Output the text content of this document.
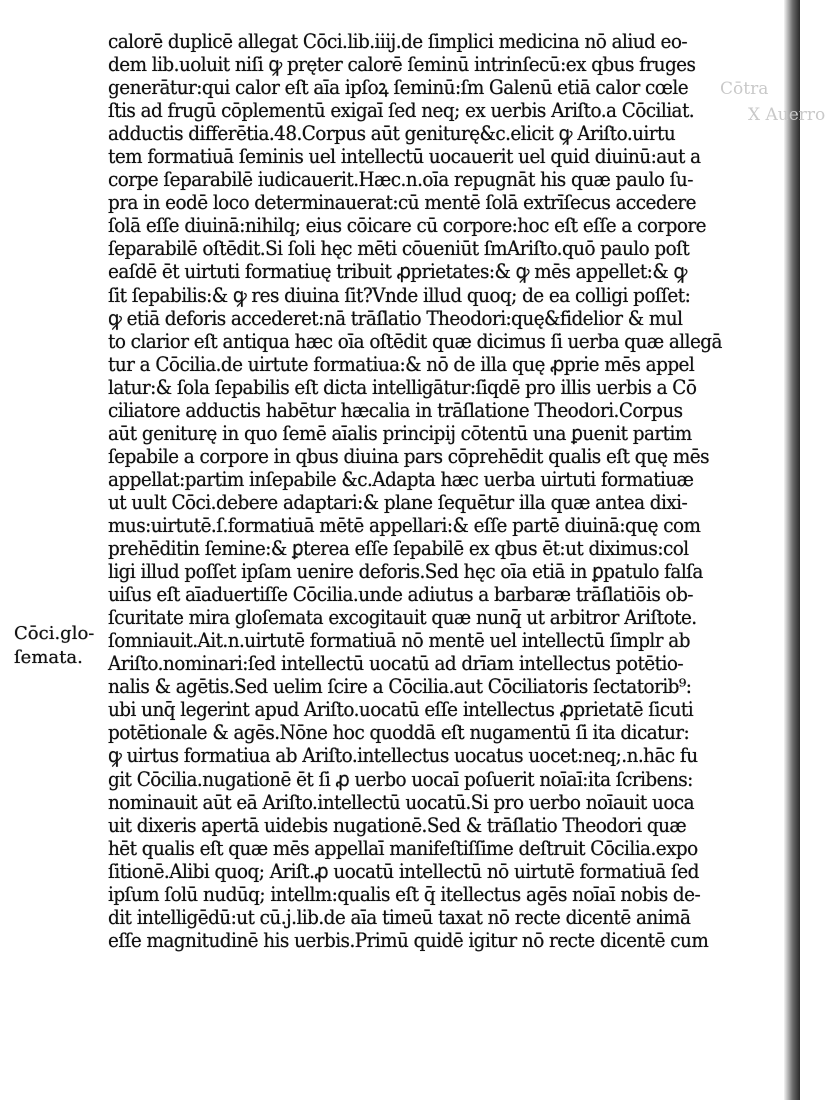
Cōtra
X Auerro
Cōci.glo-
ſemata.
calorē duplicē allegat Cōci.lib.iiij.de ſimplici medicina nō aliud eo-
dem lib.uoluit niſi ꝙ pręter calorē ſeminū intrinſecū:ex qbus fruges
generātur:qui calor eſt aīa ipſoꝝ ſeminū:ſm Galenū etiā calor cœle
ſtis ad frugū cōplementū exigaī ſed neq; ex uerbis Ariſto.a Cōciliat.
adductis differētia.48.Corpus aūt geniturę&c.elicit ꝙ Ariſto.uirtu
tem formatiuā ſeminis uel intellectū uocauerit uel quid diuinū:aut a
corpe ſeparabilē iudicauerit.Hæc.n.oīa repugnāt his quæ paulo ſu-
pra in eodē loco determinauerat:cū mentē ſolā extrīſecus accedere
ſolā eſſe diuinā:nihilq; eius cōicare cū corpore:hoc eſt eſſe a corpore
ſeparabilē oſtēdit.Si ſoli hęc mēti cōueniūt ſmAriſto.quō paulo poſt
eaſdē ēt uirtuti formatiuę tribuit ꝓprietates:& ꝙ mēs appellet:& ꝙ
ſit ſepabilis:& ꝙ res diuina ſit?Vnde illud quoq; de ea colligi poſſet:
ꝙ etiā deforis accederet:nā trāſlatio Theodori:quę&fidelior & mul
to clarior eſt antiqua hæc oīa oſtēdit quæ dicimus ſi uerba quæ allegā
tur a Cōcilia.de uirtute formatiua:& nō de illa quę ꝓprie mēs appel
latur:& ſola ſepabilis eſt dicta intelligātur:ſiqdē pro illis uerbis a Cō
ciliatore adductis habētur hæcalia in trāſlatione Theodori.Corpus
aūt geniturę in quo ſemē aīalis principij cōtentū una ꝑuenit partim
ſepabile a corpore in qbus diuina pars cōprehēdit qualis eſt quę mēs
appellat:partim inſepabile &c.Adapta hæc uerba uirtuti formatiuæ
ut uult Cōci.debere adaptari:& plane ſequētur illa quæ antea dixi-
mus:uirtutē.ſ.formatiuā mētē appellari:& eſſe partē diuinā:quę com
prehēditin ſemine:& ꝑterea eſſe ſepabilē ex qbus ēt:ut diximus:col
ligi illud poſſet ipſam uenire deforis.Sed hęc oīa etiā in ꝑpatulo falſa
uiſus eſt aīaduertiſſe Cōcilia.unde adiutus a barbaræ trāſlatiōis ob-
ſcuritate mira gloſemata excogitauit quæ nunq̄ ut arbitror Ariſtote.
ſomniauit.Ait.n.uirtutē formatiuā nō mentē uel intellectū ſimplr ab
Ariſto.nominari:ſed intellectū uocatū ad drīam intellectus potētio-
nalis & agētis.Sed uelim ſcire a Cōcilia.aut Cōciliatoris ſectatorib⁹:
ubi unq̄ legerint apud Ariſto.uocatū eſſe intellectus ꝓprietatē ſicuti
potētionale & agēs.Nōne hoc quoddā eſt nugamentū ſi ita dicatur:
ꝙ uirtus formatiua ab Ariſto.intellectus uocatus uocet:neq;.n.hāc fu
git Cōcilia.nugationē ēt ſi ꝓ uerbo uocaī poſuerit noīaī:ita ſcribens:
nominauit aūt eā Ariſto.intellectū uocatū.Si pro uerbo noīauit uoca
uit dixeris apertā uidebis nugationē.Sed & trāſlatio Theodori quæ
hēt qualis eſt quæ mēs appellaī manifeſtiſſime deſtruit Cōcilia.expo
ſitionē.Alibi quoq; Ariſt.ꝓ uocatū intellectū nō uirtutē formatiuā ſed
ipſum ſolū nudūq; intellm:qualis eſt q̄ itellectus agēs noīaī nobis de-
dit intelligēdū:ut cū.j.lib.de aīa timeū taxat nō recte dicentē animā
eſſe magnitudinē his uerbis.Primū quidē igitur nō recte dicentē cum
